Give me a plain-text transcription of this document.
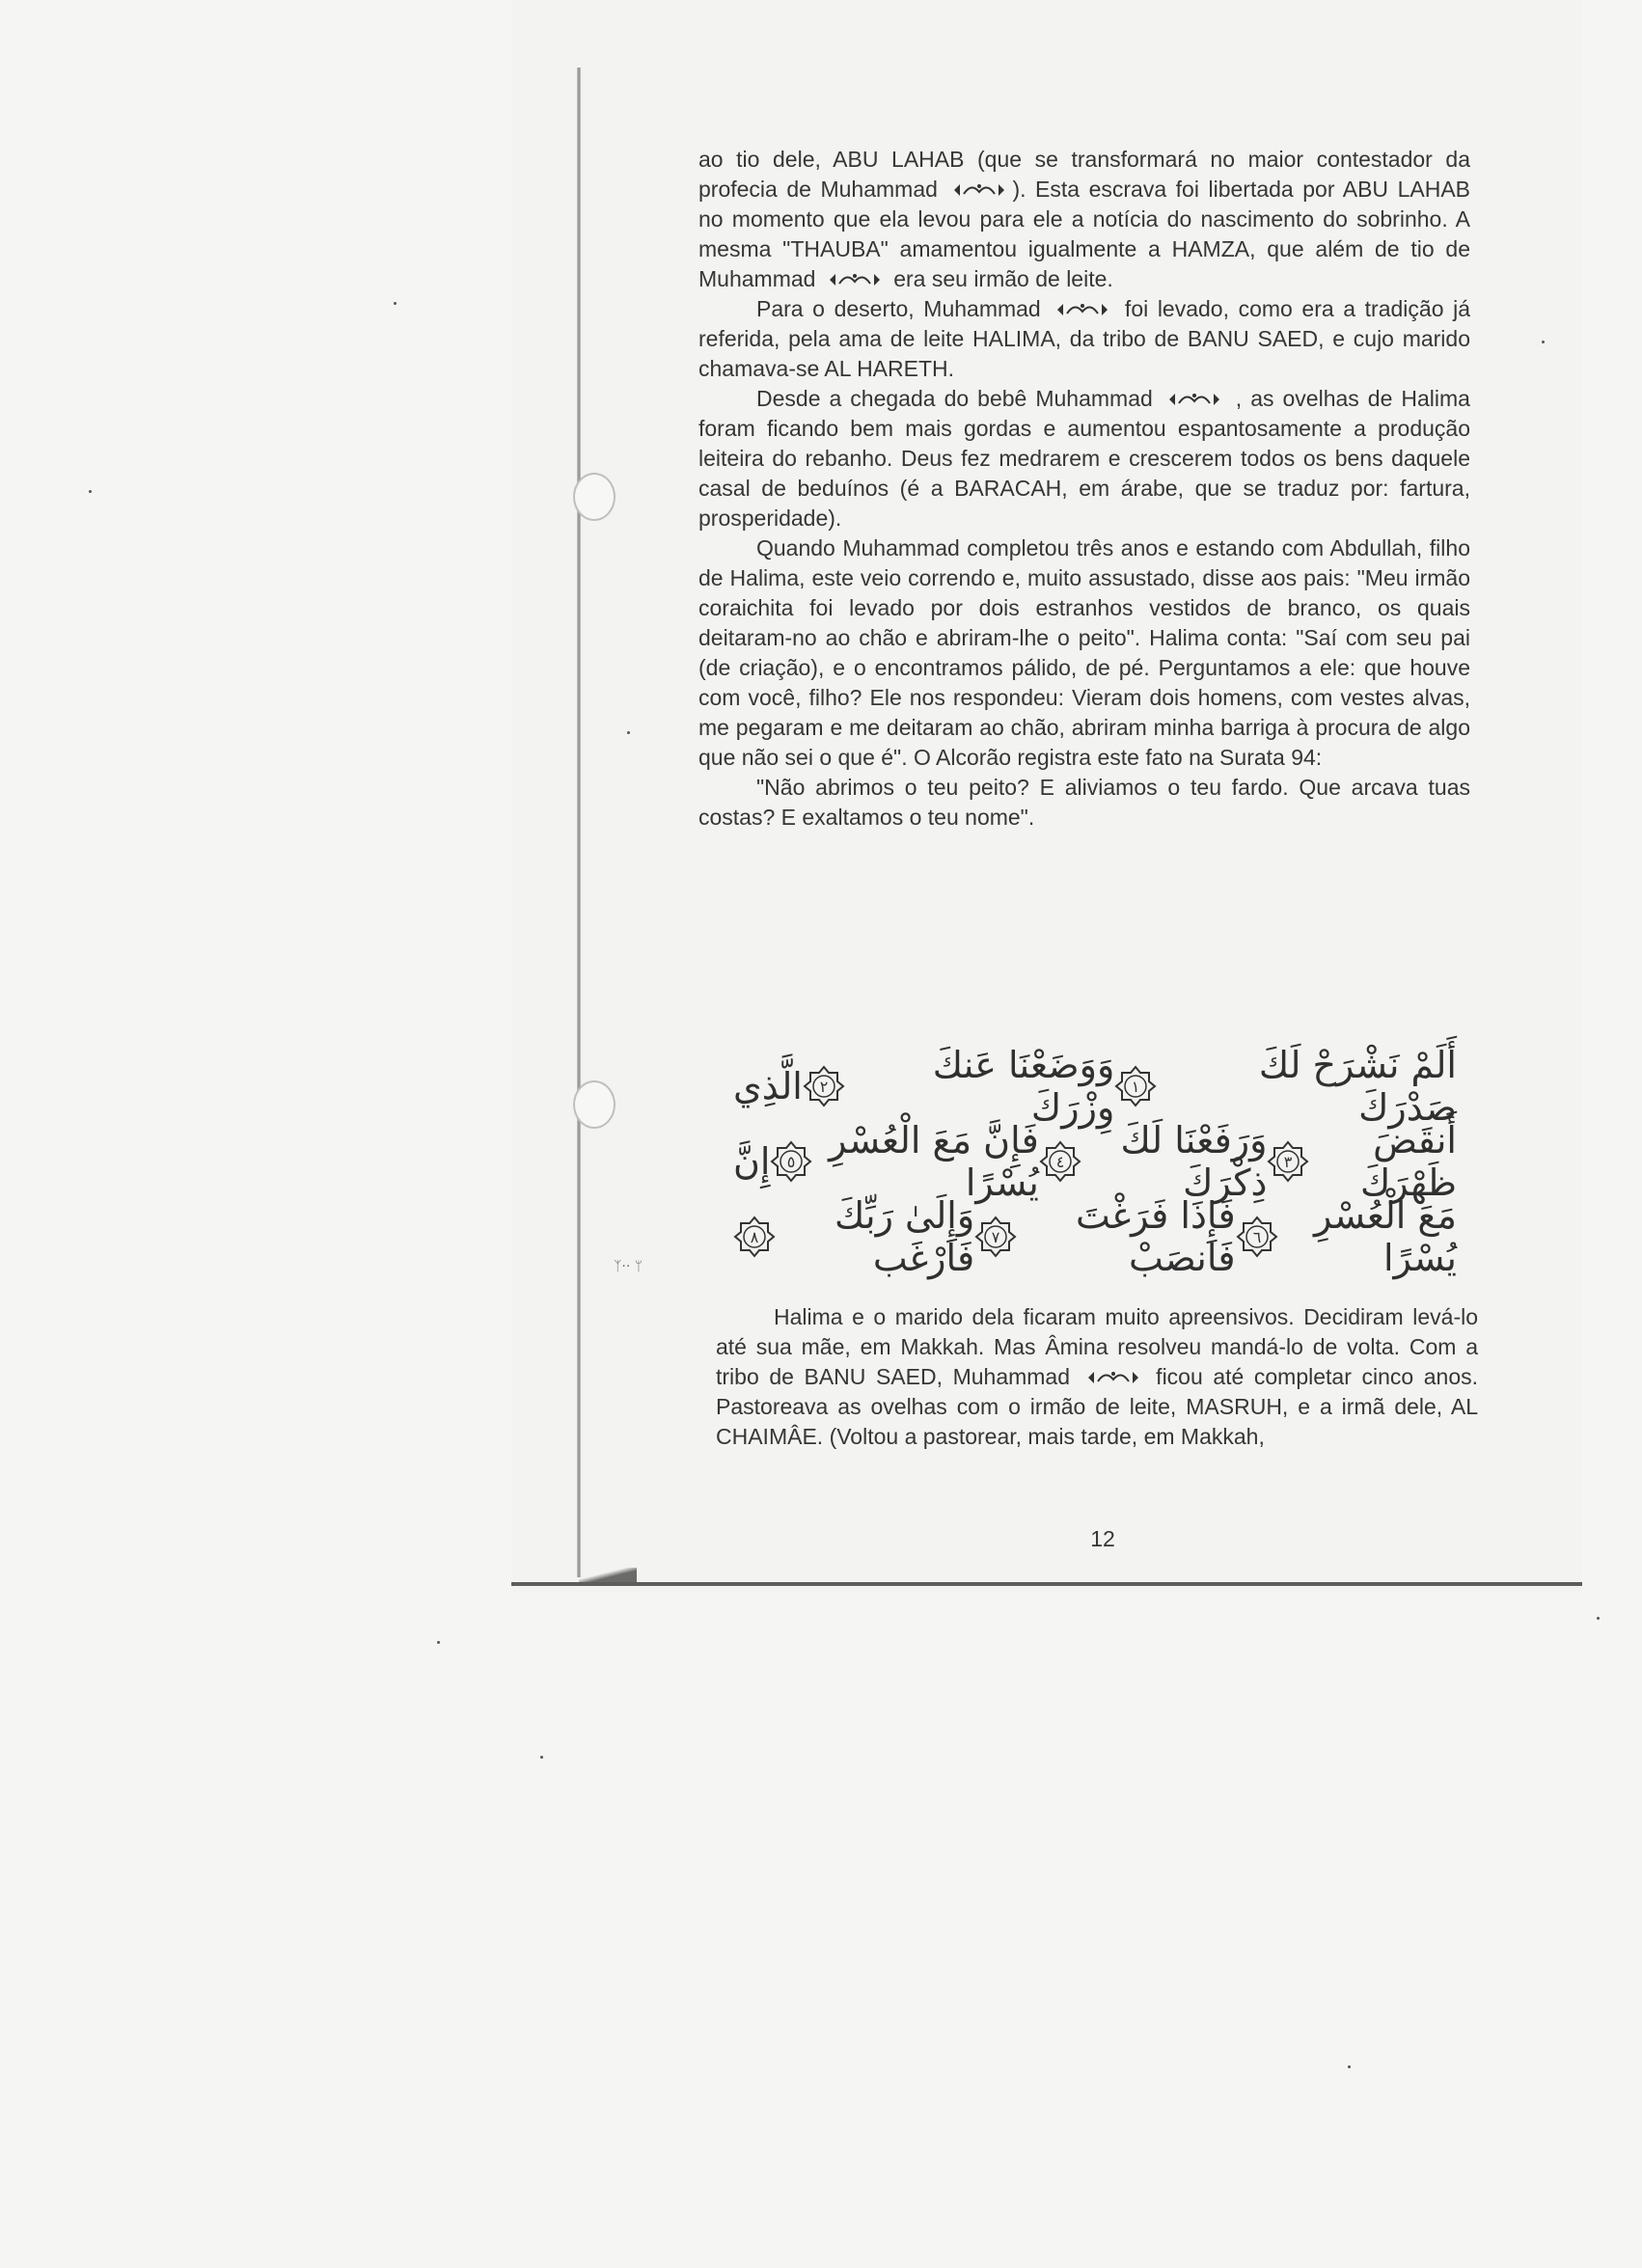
ao tio dele, ABU LAHAB (que se transformará no maior contestador da profecia de Muhammad	). Esta escrava foi libertada por ABU LAHAB no momento que ela levou para ele a notícia do nascimento do sobrinho. A mesma "THAUBA" amamentou igualmente a HAMZA, que além de tio de Muhammad	era seu irmão de leite.

Para o deserto, Muhammad	foi levado, como era a tradição já referida, pela ama de leite HALIMA, da tribo de BANU SAED, e cujo marido chamava-se AL HARETH.

Desde a chegada do bebê Muhammad	, as ovelhas de Halima foram ficando bem mais gordas e aumentou espantosamente a produção leiteira do rebanho. Deus fez medrarem e crescerem todos os bens daquele casal de beduínos (é a BARACAH, em árabe, que se traduz por: fartura, prosperidade).

Quando Muhammad completou três anos e estando com Abdullah, filho de Halima, este veio correndo e, muito assustado, disse aos pais: "Meu irmão coraichita foi levado por dois estranhos vestidos de branco, os quais deitaram-no ao chão e abriram-lhe o peito". Halima conta: "Saí com seu pai (de criação), e o encontramos pálido, de pé. Perguntamos a ele: que houve com você, filho? Ele nos respondeu: Vieram dois homens, com vestes alvas, me pegaram e me deitaram ao chão, abriram minha barriga à procura de algo que não sei o que é". O Alcorão registra este fato na Surata 94:

"Não abrimos o teu peito? E aliviamos o teu fardo. Que arcava tuas costas? E exaltamos o teu nome".

أَلَمْ نَشْرَحْ لَكَ صَدْرَكَ
١
وَوَضَعْنَا عَنكَ وِزْرَكَ
٢
الَّذِي
أَنقَضَ ظَهْرَكَ
٣
وَرَفَعْنَا لَكَ ذِكْرَكَ
٤
فَإِنَّ مَعَ الْعُسْرِ يُسْرًا
٥
إِنَّ
مَعَ الْعُسْرِ يُسْرًا
٦
فَإِذَا فَرَغْتَ فَانصَبْ
٧
وَإِلَىٰ رَبِّكَ فَارْغَب
٨
ᛉ·· ᛘ

Halima e o marido dela ficaram muito apreensivos. Decidiram levá-lo até sua mãe, em Makkah. Mas Âmina resolveu mandá-lo de volta. Com a tribo de BANU SAED, Muhammad	ficou até completar cinco anos. Pastoreava as ovelhas com o irmão de leite, MASRUH, e a irmã dele, AL CHAIMÂE. (Voltou a pastorear, mais tarde, em Makkah,

12
